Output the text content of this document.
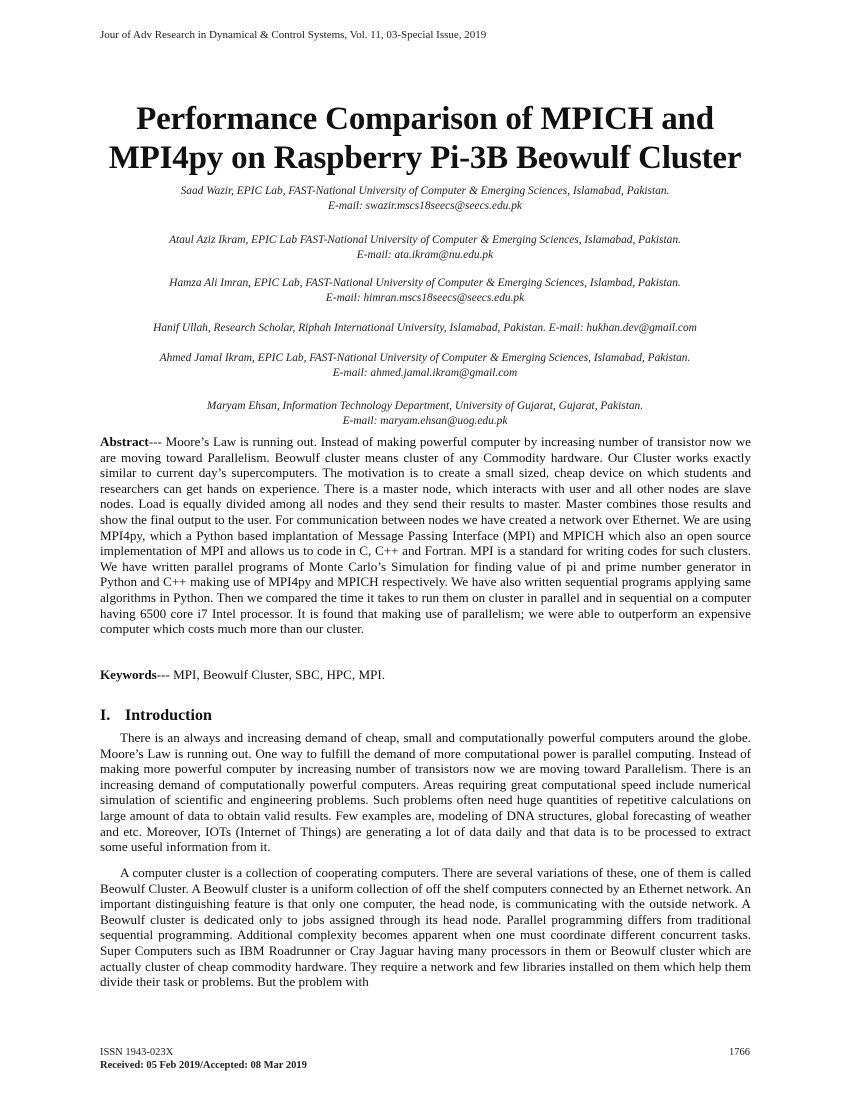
Jour of Adv Research in Dynamical & Control Systems, Vol. 11, 03-Special Issue, 2019
Performance Comparison of MPICH and
MPI4py on Raspberry Pi-3B Beowulf Cluster
Saad Wazir, EPIC Lab, FAST-National University of Computer & Emerging Sciences, Islamabad, Pakistan.
E-mail: swazir.mscs18seecs@seecs.edu.pk
Ataul Aziz Ikram, EPIC Lab FAST-National University of Computer & Emerging Sciences, Islamabad, Pakistan.
E-mail: ata.ikram@nu.edu.pk
Hamza Ali Imran, EPIC Lab, FAST-National University of Computer & Emerging Sciences, Islambad, Pakistan.
E-mail: himran.mscs18seecs@seecs.edu.pk
Hanif Ullah, Research Scholar, Riphah International University, Islamabad, Pakistan. E-mail: hukhan.dev@gmail.com
Ahmed Jamal Ikram, EPIC Lab, FAST-National University of Computer & Emerging Sciences, Islamabad, Pakistan.
E-mail: ahmed.jamal.ikram@gmail.com
Maryam Ehsan, Information Technology Department, University of Gujarat, Gujarat, Pakistan.
E-mail: maryam.ehsan@uog.edu.pk
Abstract--- Moore’s Law is running out. Instead of making powerful computer by increasing number of transistor now we are moving toward Parallelism. Beowulf cluster means cluster of any Commodity hardware. Our Cluster works exactly similar to current day’s supercomputers. The motivation is to create a small sized, cheap device on which students and researchers can get hands on experience. There is a master node, which interacts with user and all other nodes are slave nodes. Load is equally divided among all nodes and they send their results to master. Master combines those results and show the final output to the user. For communication between nodes we have created a network over Ethernet. We are using MPI4py, which a Python based implantation of Message Passing Interface (MPI) and MPICH which also an open source implementation of MPI and allows us to code in C, C++ and Fortran. MPI is a standard for writing codes for such clusters. We have written parallel programs of Monte Carlo’s Simulation for finding value of pi and prime number generator in Python and C++ making use of MPI4py and MPICH respectively. We have also written sequential programs applying same algorithms in Python. Then we compared the time it takes to run them on cluster in parallel and in sequential on a computer having 6500 core i7 Intel processor. It is found that making use of parallelism; we were able to outperform an expensive computer which costs much more than our cluster.
Keywords--- MPI, Beowulf Cluster, SBC, HPC, MPI.
I. Introduction
There is an always and increasing demand of cheap, small and computationally powerful computers around the globe. Moore’s Law is running out. One way to fulfill the demand of more computational power is parallel computing. Instead of making more powerful computer by increasing number of transistors now we are moving toward Parallelism. There is an increasing demand of computationally powerful computers. Areas requiring great computational speed include numerical simulation of scientific and engineering problems. Such problems often need huge quantities of repetitive calculations on large amount of data to obtain valid results. Few examples are, modeling of DNA structures, global forecasting of weather and etc. Moreover, IOTs (Internet of Things) are generating a lot of data daily and that data is to be processed to extract some useful information from it.
A computer cluster is a collection of cooperating computers. There are several variations of these, one of them is called Beowulf Cluster. A Beowulf cluster is a uniform collection of off the shelf computers connected by an Ethernet network. An important distinguishing feature is that only one computer, the head node, is communicating with the outside network. A Beowulf cluster is dedicated only to jobs assigned through its head node. Parallel programming differs from traditional sequential programming. Additional complexity becomes apparent when one must coordinate different concurrent tasks. Super Computers such as IBM Roadrunner or Cray Jaguar having many processors in them or Beowulf cluster which are actually cluster of cheap commodity hardware. They require a network and few libraries installed on them which help them divide their task or problems. But the problem with
ISSN 1943-023X
Received: 05 Feb 2019/Accepted: 08 Mar 2019
1766
